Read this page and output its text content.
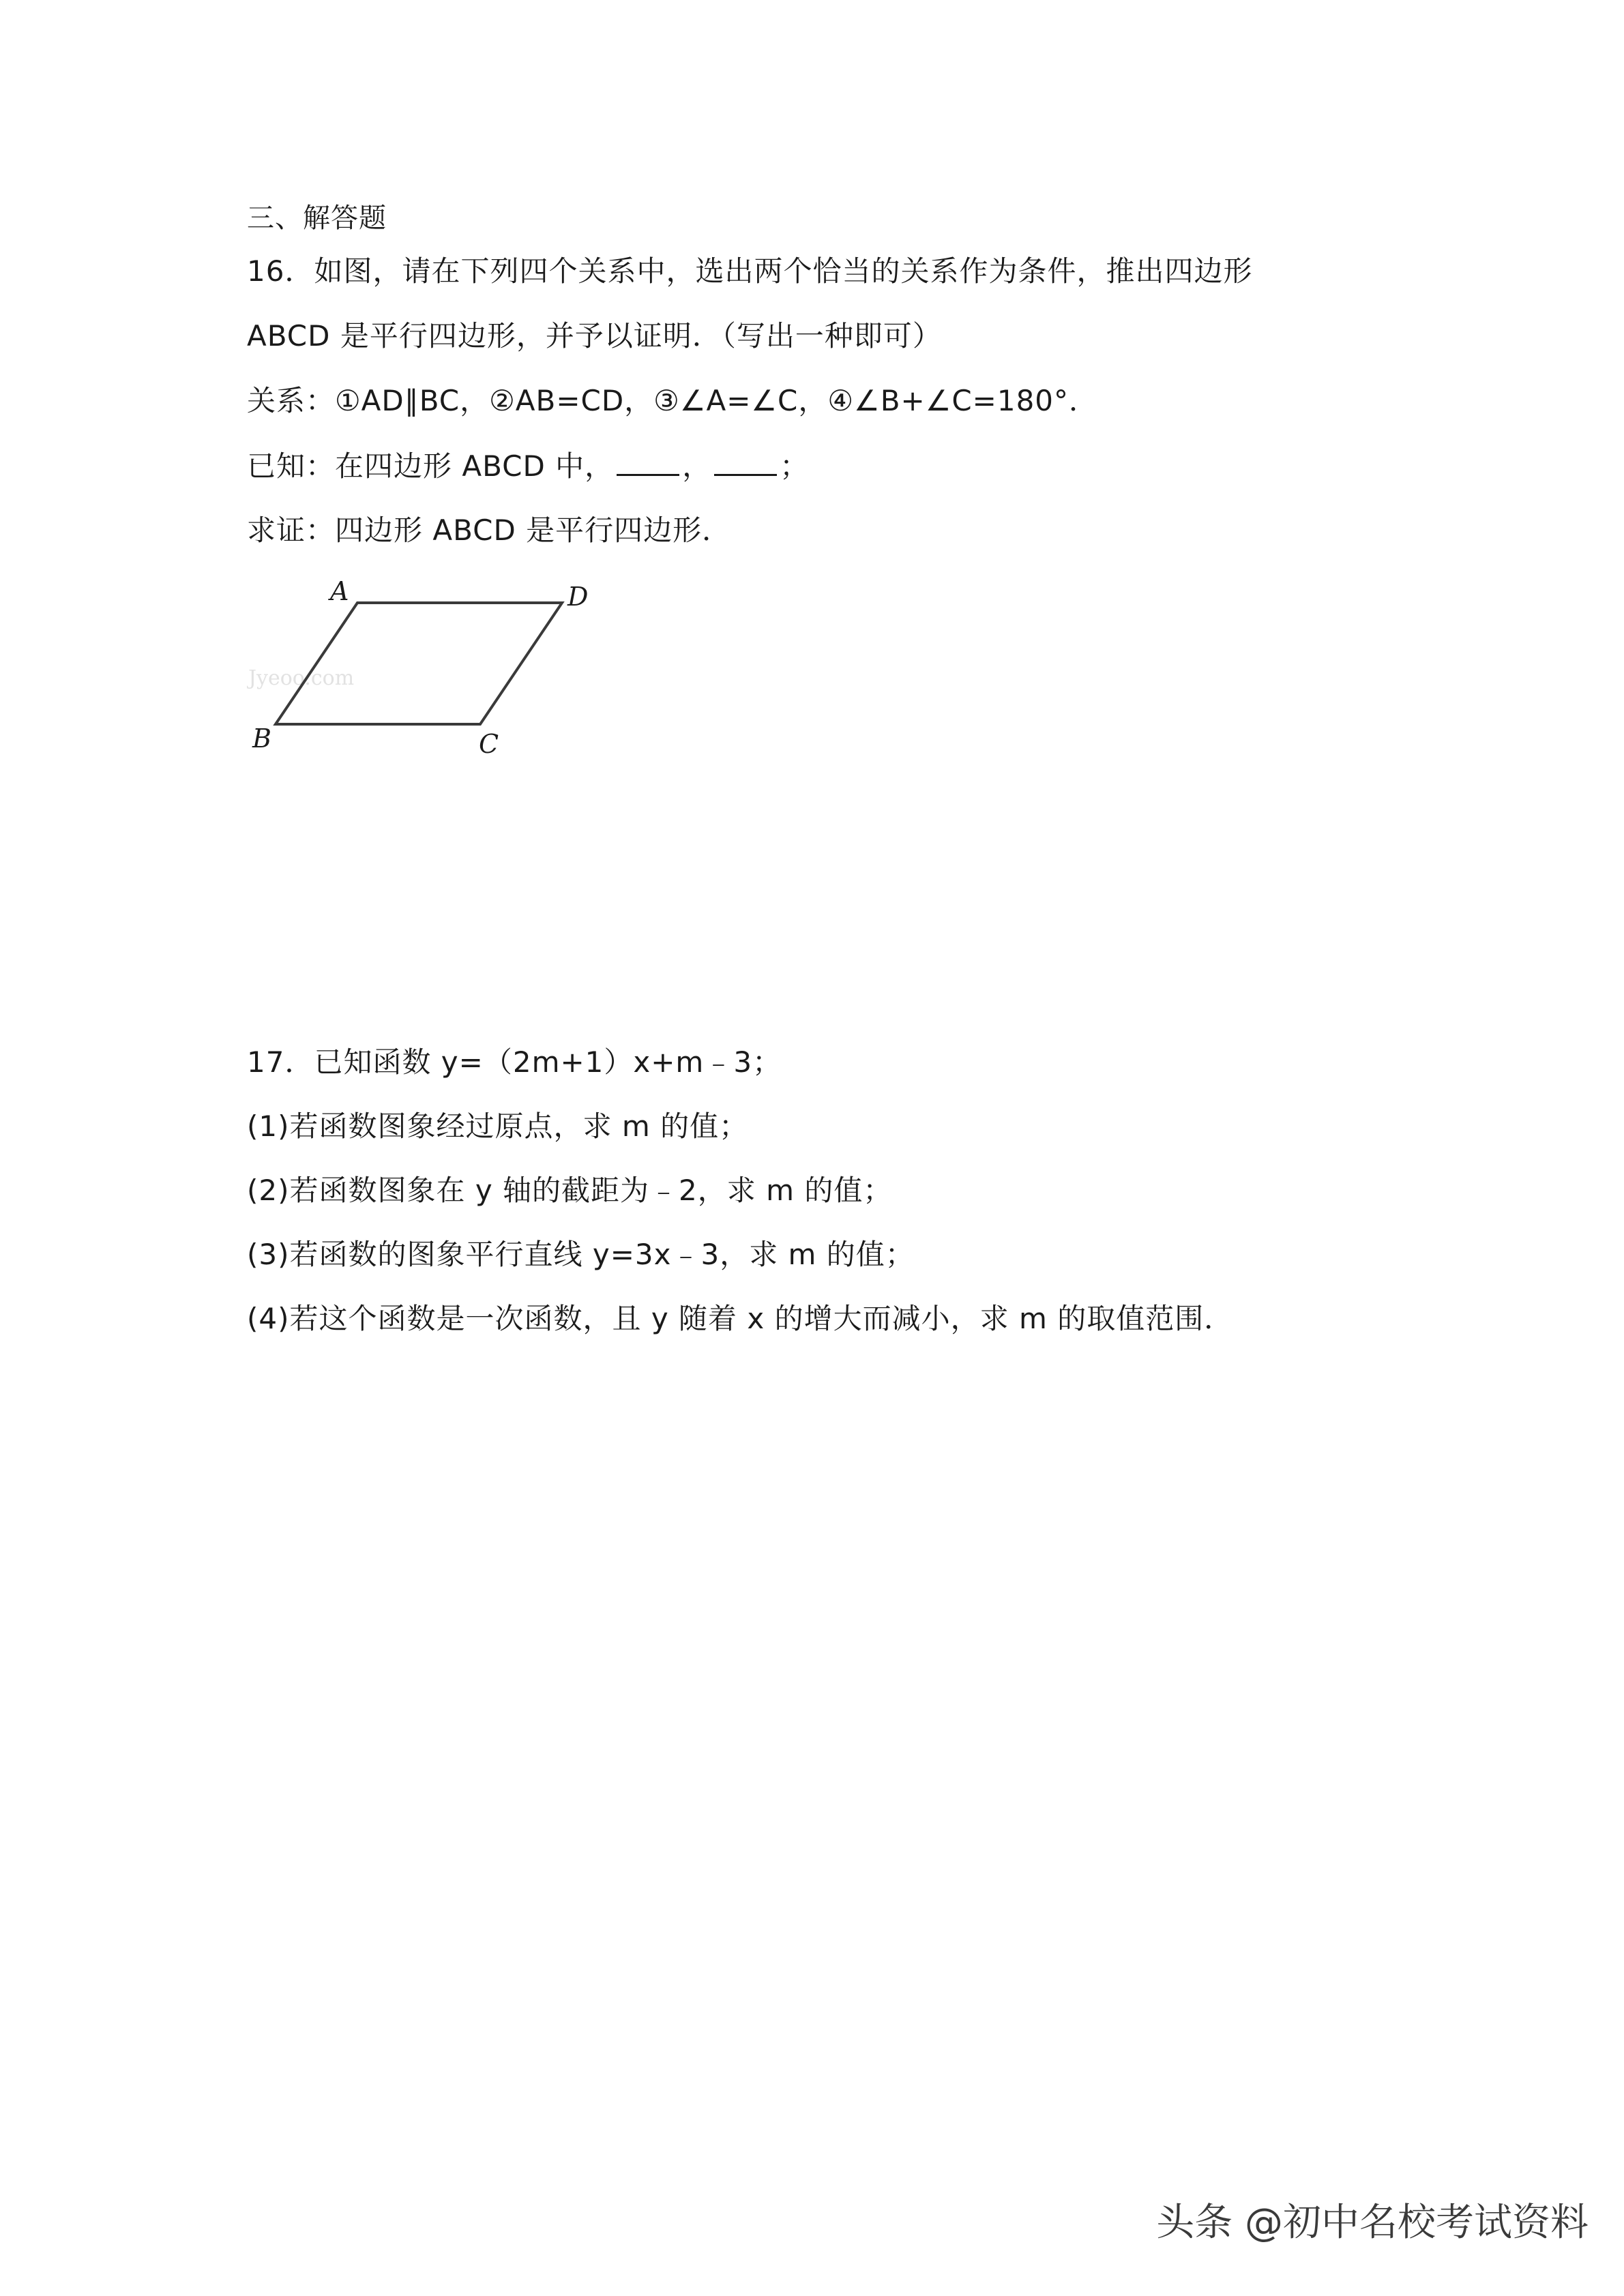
三、解答题
16．如图，请在下列四个关系中，选出两个恰当的关系作为条件，推出四边形
ABCD 是平行四边形，并予以证明．（写出一种即可）
关系：①AD∥BC，②AB=CD，③∠A=∠C，④∠B+∠C=180°．
已知：在四边形 ABCD 中， ， ；
求证：四边形 ABCD 是平行四边形．
Jyeoo.com
A	D
B	C
17．已知函数 y=（2m+1）x+m﹣3；
(1)若函数图象经过原点，求 m 的值；
(2)若函数图象在 y 轴的截距为﹣2，求 m 的值；
(3)若函数的图象平行直线 y=3x﹣3，求 m 的值；
(4)若这个函数是一次函数，且 y 随着 x 的增大而减小，求 m 的取值范围．
头条 @初中名校考试资料
